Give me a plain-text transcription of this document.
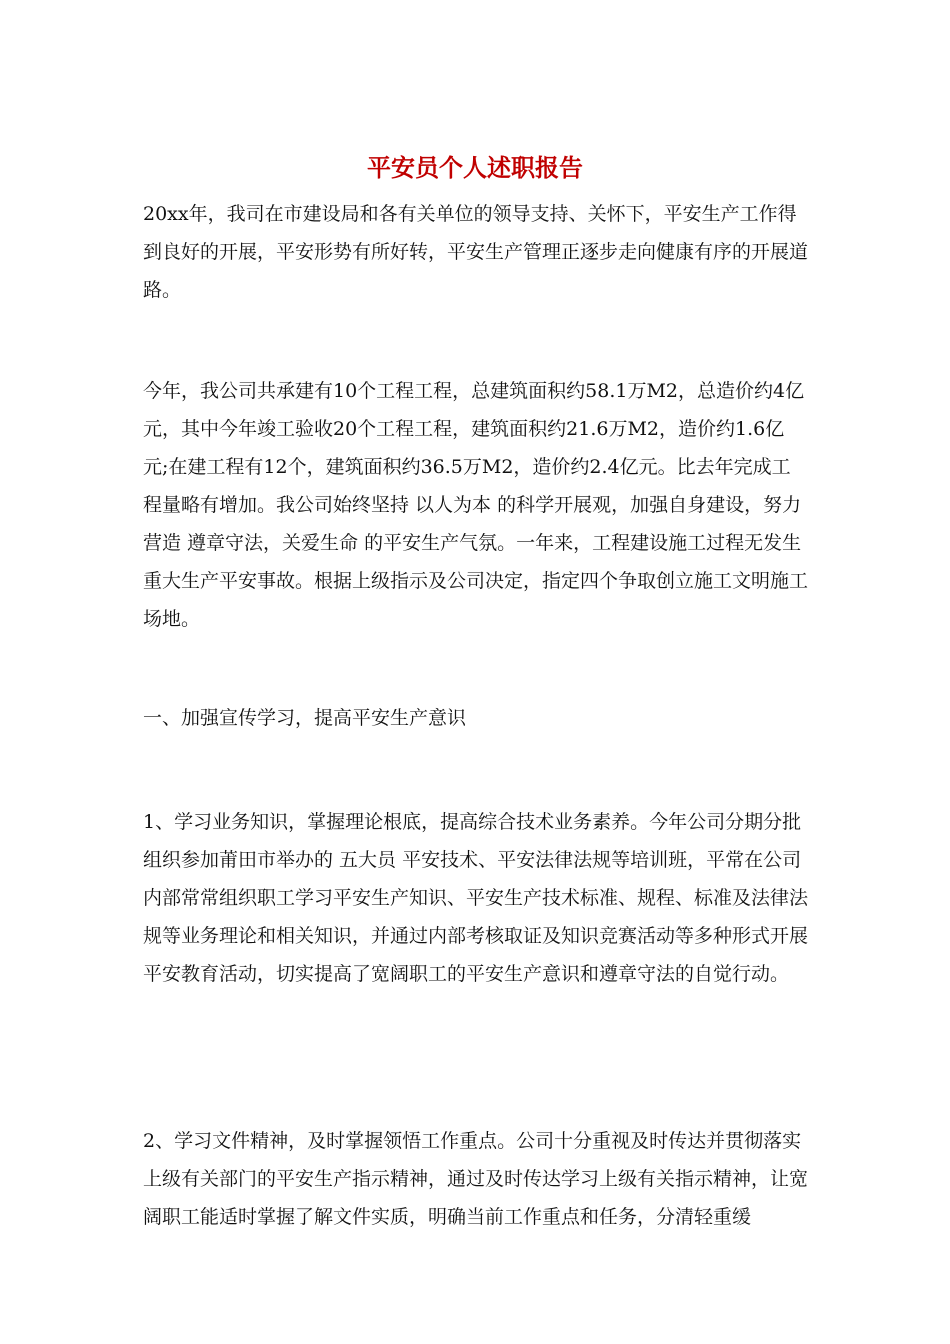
平安员个人述职报告

20xx年，我司在市建设局和各有关单位的领导支持、关怀下，平安生产工作得到良好的开展，平安形势有所好转，平安生产管理正逐步走向健康有序的开展道路。

今年，我公司共承建有10个工程工程，总建筑面积约58.1万M2，总造价约4亿元，其中今年竣工验收20个工程工程，建筑面积约21.6万M2，造价约1.6亿元;在建工程有12个，建筑面积约36.5万M2，造价约2.4亿元。比去年完成工程量略有增加。我公司始终坚持 以人为本 的科学开展观，加强自身建设，努力营造 遵章守法，关爱生命 的平安生产气氛。一年来，工程建设施工过程无发生重大生产平安事故。根据上级指示及公司决定，指定四个争取创立施工文明施工场地。

一、加强宣传学习，提高平安生产意识

1、学习业务知识，掌握理论根底，提高综合技术业务素养。今年公司分期分批组织参加莆田市举办的 五大员 平安技术、平安法律法规等培训班，平常在公司内部常常组织职工学习平安生产知识、平安生产技术标准、规程、标准及法律法规等业务理论和相关知识，并通过内部考核取证及知识竞赛活动等多种形式开展平安教育活动，切实提高了宽阔职工的平安生产意识和遵章守法的自觉行动。

2、学习文件精神，及时掌握领悟工作重点。公司十分重视及时传达并贯彻落实上级有关部门的平安生产指示精神，通过及时传达学习上级有关指示精神，让宽阔职工能适时掌握了解文件实质，明确当前工作重点和任务，分清轻重缓
